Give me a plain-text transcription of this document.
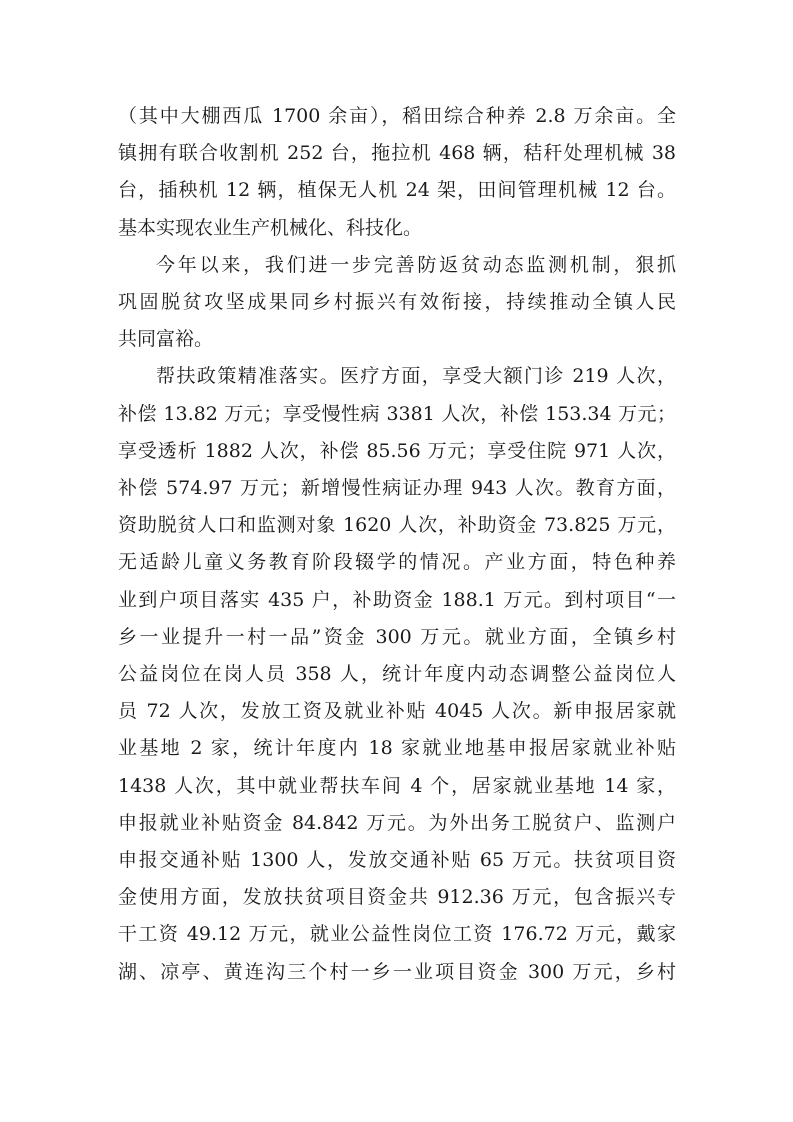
（其中大棚西瓜 1700 余亩），稻田综合种养 2.8 万余亩。全
镇拥有联合收割机 252 台，拖拉机 468 辆，秸秆处理机械 38
台，插秧机 12 辆，植保无人机 24 架，田间管理机械 12 台。
基本实现农业生产机械化、科技化。

今年以来，我们进一步完善防返贫动态监测机制，狠抓
巩固脱贫攻坚成果同乡村振兴有效衔接，持续推动全镇人民
共同富裕。

帮扶政策精准落实。医疗方面，享受大额门诊 219 人次，
补偿 13.82 万元；享受慢性病 3381 人次，补偿 153.34 万元；
享受透析 1882 人次，补偿 85.56 万元；享受住院 971 人次，
补偿 574.97 万元；新增慢性病证办理 943 人次。教育方面，
资助脱贫人口和监测对象 1620 人次，补助资金 73.825 万元，
无适龄儿童义务教育阶段辍学的情况。产业方面，特色种养
业到户项目落实 435 户，补助资金 188.1 万元。到村项目“一
乡一业提升一村一品”资金 300 万元。就业方面，全镇乡村
公益岗位在岗人员 358 人，统计年度内动态调整公益岗位人
员 72 人次，发放工资及就业补贴 4045 人次。新申报居家就
业基地 2 家，统计年度内 18 家就业地基申报居家就业补贴
1438 人次，其中就业帮扶车间 4 个，居家就业基地 14 家，
申报就业补贴资金 84.842 万元。为外出务工脱贫户、监测户
申报交通补贴 1300 人，发放交通补贴 65 万元。扶贫项目资
金使用方面，发放扶贫项目资金共 912.36 万元，包含振兴专
干工资 49.12 万元，就业公益性岗位工资 176.72 万元，戴家
湖、凉亭、黄连沟三个村一乡一业项目资金 300 万元，乡村
